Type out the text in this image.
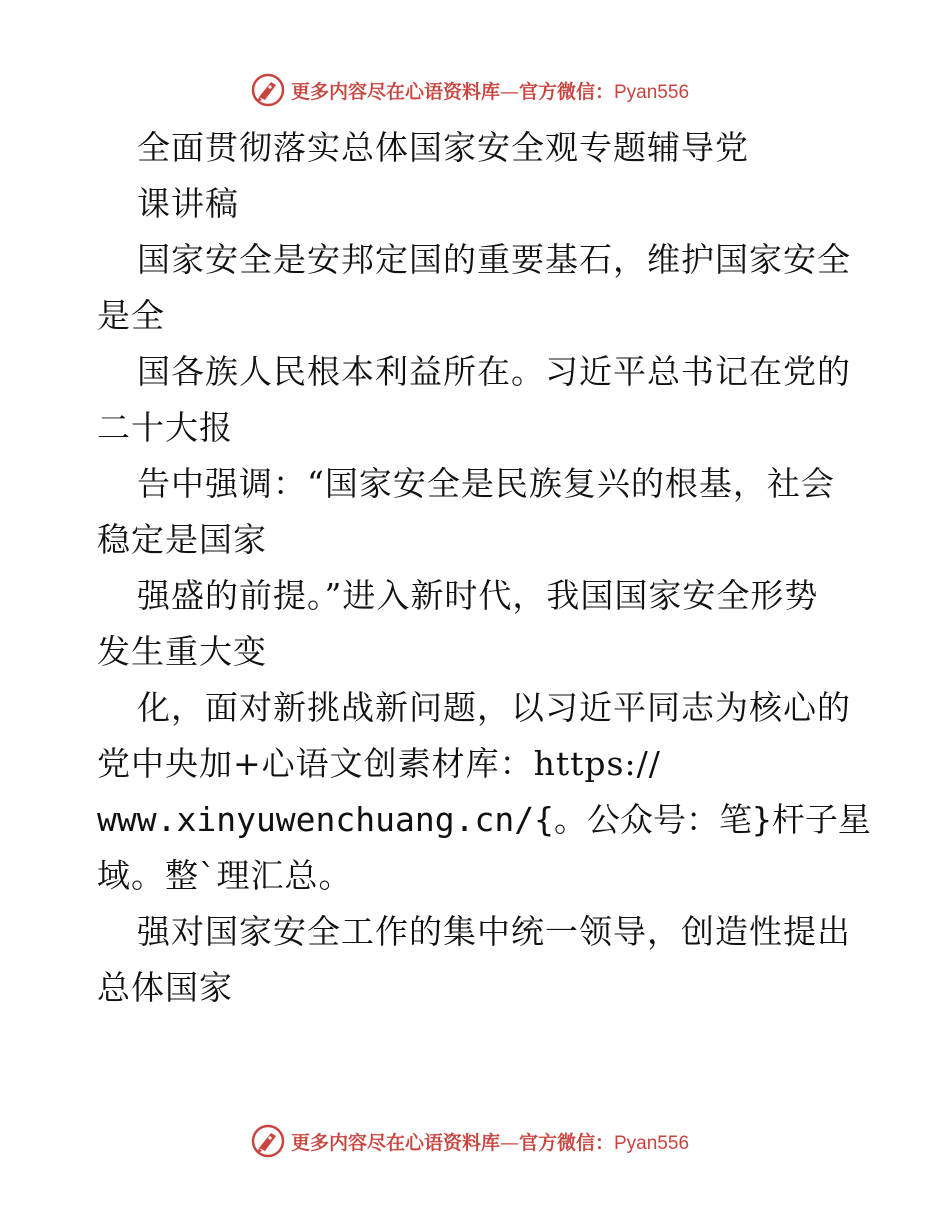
更多内容尽在心语资料库—官方微信：Pyan556
全面贯彻落实总体国家安全观专题辅导党
课讲稿
国家安全是安邦定国的重要基石，维护国家安全
是全
国各族人民根本利益所在。习近平总书记在党的
二十大报
告中强调：“国家安全是民族复兴的根基，社会
稳定是国家
强盛的前提。”进入新时代，我国国家安全形势
发生重大变
化，面对新挑战新问题，以习近平同志为核心的
党中央加+心语文创素材库：https://
www.xinyuwenchuang.cn/{。公众号：笔}杆子星
域。整`理汇总。
强对国家安全工作的集中统一领导，创造性提出
总体国家
更多内容尽在心语资料库—官方微信：Pyan556
